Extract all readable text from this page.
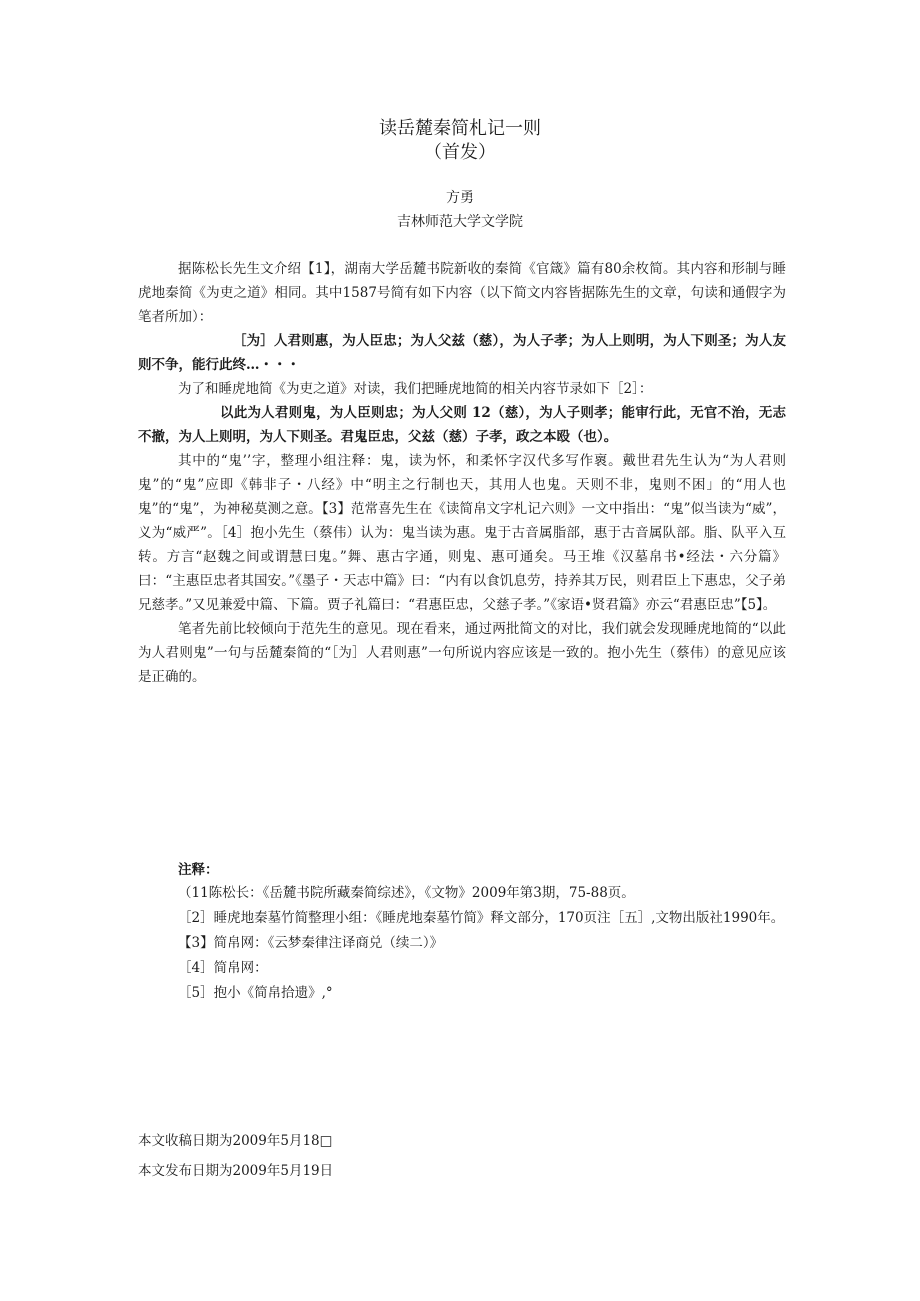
读岳麓秦简札记一则
（首发）
方勇
吉林师范大学文学院

据陈松长先生文介绍【1】，湖南大学岳麓书院新收的秦简《官箴》篇有80余枚简。其内容和形制与睡虎地秦简《为吏之道》相同。其中1587号简有如下内容（以下简文内容皆据陈先生的文章，句读和通假字为笔者所加）：

［为］人君则惠，为人臣忠；为人父兹（慈），为人子孝；为人上则明，为人下则圣；为人友则不争，能行此终…・・・

为了和睡虎地简《为吏之道》对读，我们把睡虎地简的相关内容节录如下［2］：

以此为人君则鬼，为人臣则忠；为人父则 12（慈），为人子则孝；能审行此，无官不治，无志不撤，为人上则明，为人下则圣。君鬼臣忠，父兹（慈）子孝，政之本殴（也）。

其中的“鬼’’字，整理小组注释：鬼，读为怀，和柔怀字汉代多写作褱。戴世君先生认为“为人君则鬼”的“鬼”应即《韩非子・八经》中“明主之行制也天，其用人也鬼。天则不非，鬼则不困」的“用人也鬼”的“鬼”，为神秘莫测之意。【3】范常喜先生在《读简帛文字札记六则》一文中指出：“鬼”似当读为“威”，义为“威严”。［4］抱小先生（蔡伟）认为：鬼当读为惠。鬼于古音属脂部，惠于古音属队部。脂、队平入互转。方言“赵魏之间或谓慧曰鬼。”舞、惠古字通，则鬼、惠可通矣。马王堆《汉墓帛书•经法・六分篇》曰：“主惠臣忠者其国安。”《墨子・天志中篇》曰：“内有以食饥息劳，持养其万民，则君臣上下惠忠，父子弟兄慈孝。”又见兼爱中篇、下篇。贾子礼篇曰：“君惠臣忠，父慈子孝。”《家语•贤君篇》亦云“君惠臣忠”【5】。

笔者先前比较倾向于范先生的意见。现在看来，通过两批简文的对比，我们就会发现睡虎地简的“以此为人君则鬼”一句与岳麓秦简的“［为］人君则惠”一句所说内容应该是一致的。抱小先生（蔡伟）的意见应该是正确的。

注释：

（11陈松长：《岳麓书院所藏秦简综述》，《文物》2009年第3期，75-88页。

［2］睡虎地秦墓竹简整理小组：《睡虎地秦墓竹简》释文部分，170页注［五］,文物出版社1990年。

【3】简帛网：《云梦秦律注译商兑（续二）》

［4］简帛网：

［5］抱小《简帛拾遗》,°

本文收稿日期为2009年5月18□
本文发布日期为2009年5月19日
